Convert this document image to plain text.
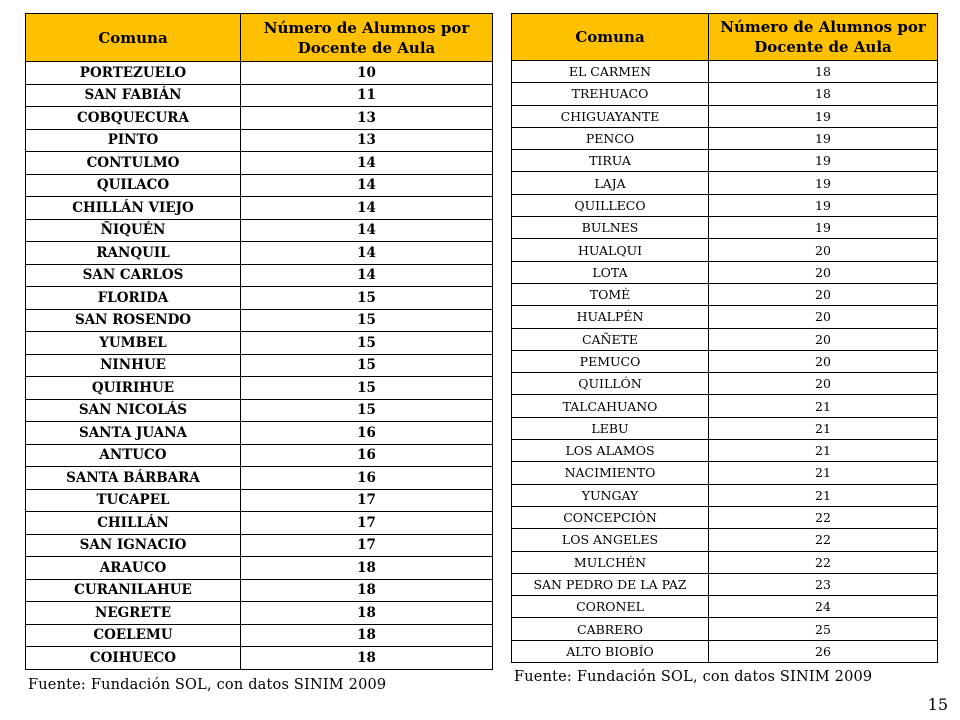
Comuna	Número de Alumnos por Docente de Aula
PORTEZUELO	10
SAN FABIÁN	11
COBQUECURA	13
PINTO	13
CONTULMO	14
QUILACO	14
CHILLÁN VIEJO	14
ÑIQUÉN	14
RANQUIL	14
SAN CARLOS	14
FLORIDA	15
SAN ROSENDO	15
YUMBEL	15
NINHUE	15
QUIRIHUE	15
SAN NICOLÁS	15
SANTA JUANA	16
ANTUCO	16
SANTA BÁRBARA	16
TUCAPEL	17
CHILLÁN	17
SAN IGNACIO	17
ARAUCO	18
CURANILAHUE	18
NEGRETE	18
COELEMU	18
COIHUECO	18
Comuna	Número de Alumnos por Docente de Aula
EL CARMEN	18
TREHUACO	18
CHIGUAYANTE	19
PENCO	19
TIRUA	19
LAJA	19
QUILLECO	19
BULNES	19
HUALQUI	20
LOTA	20
TOMÉ	20
HUALPÉN	20
CAÑETE	20
PEMUCO	20
QUILLÓN	20
TALCAHUANO	21
LEBU	21
LOS ALAMOS	21
NACIMIENTO	21
YUNGAY	21
CONCEPCIÓN	22
LOS ANGELES	22
MULCHÉN	22
SAN PEDRO DE LA PAZ	23
CORONEL	24
CABRERO	25
ALTO BIOBÍO	26
Fuente: Fundación SOL, con datos SINIM 2009	Fuente: Fundación SOL, con datos SINIM 2009
15
